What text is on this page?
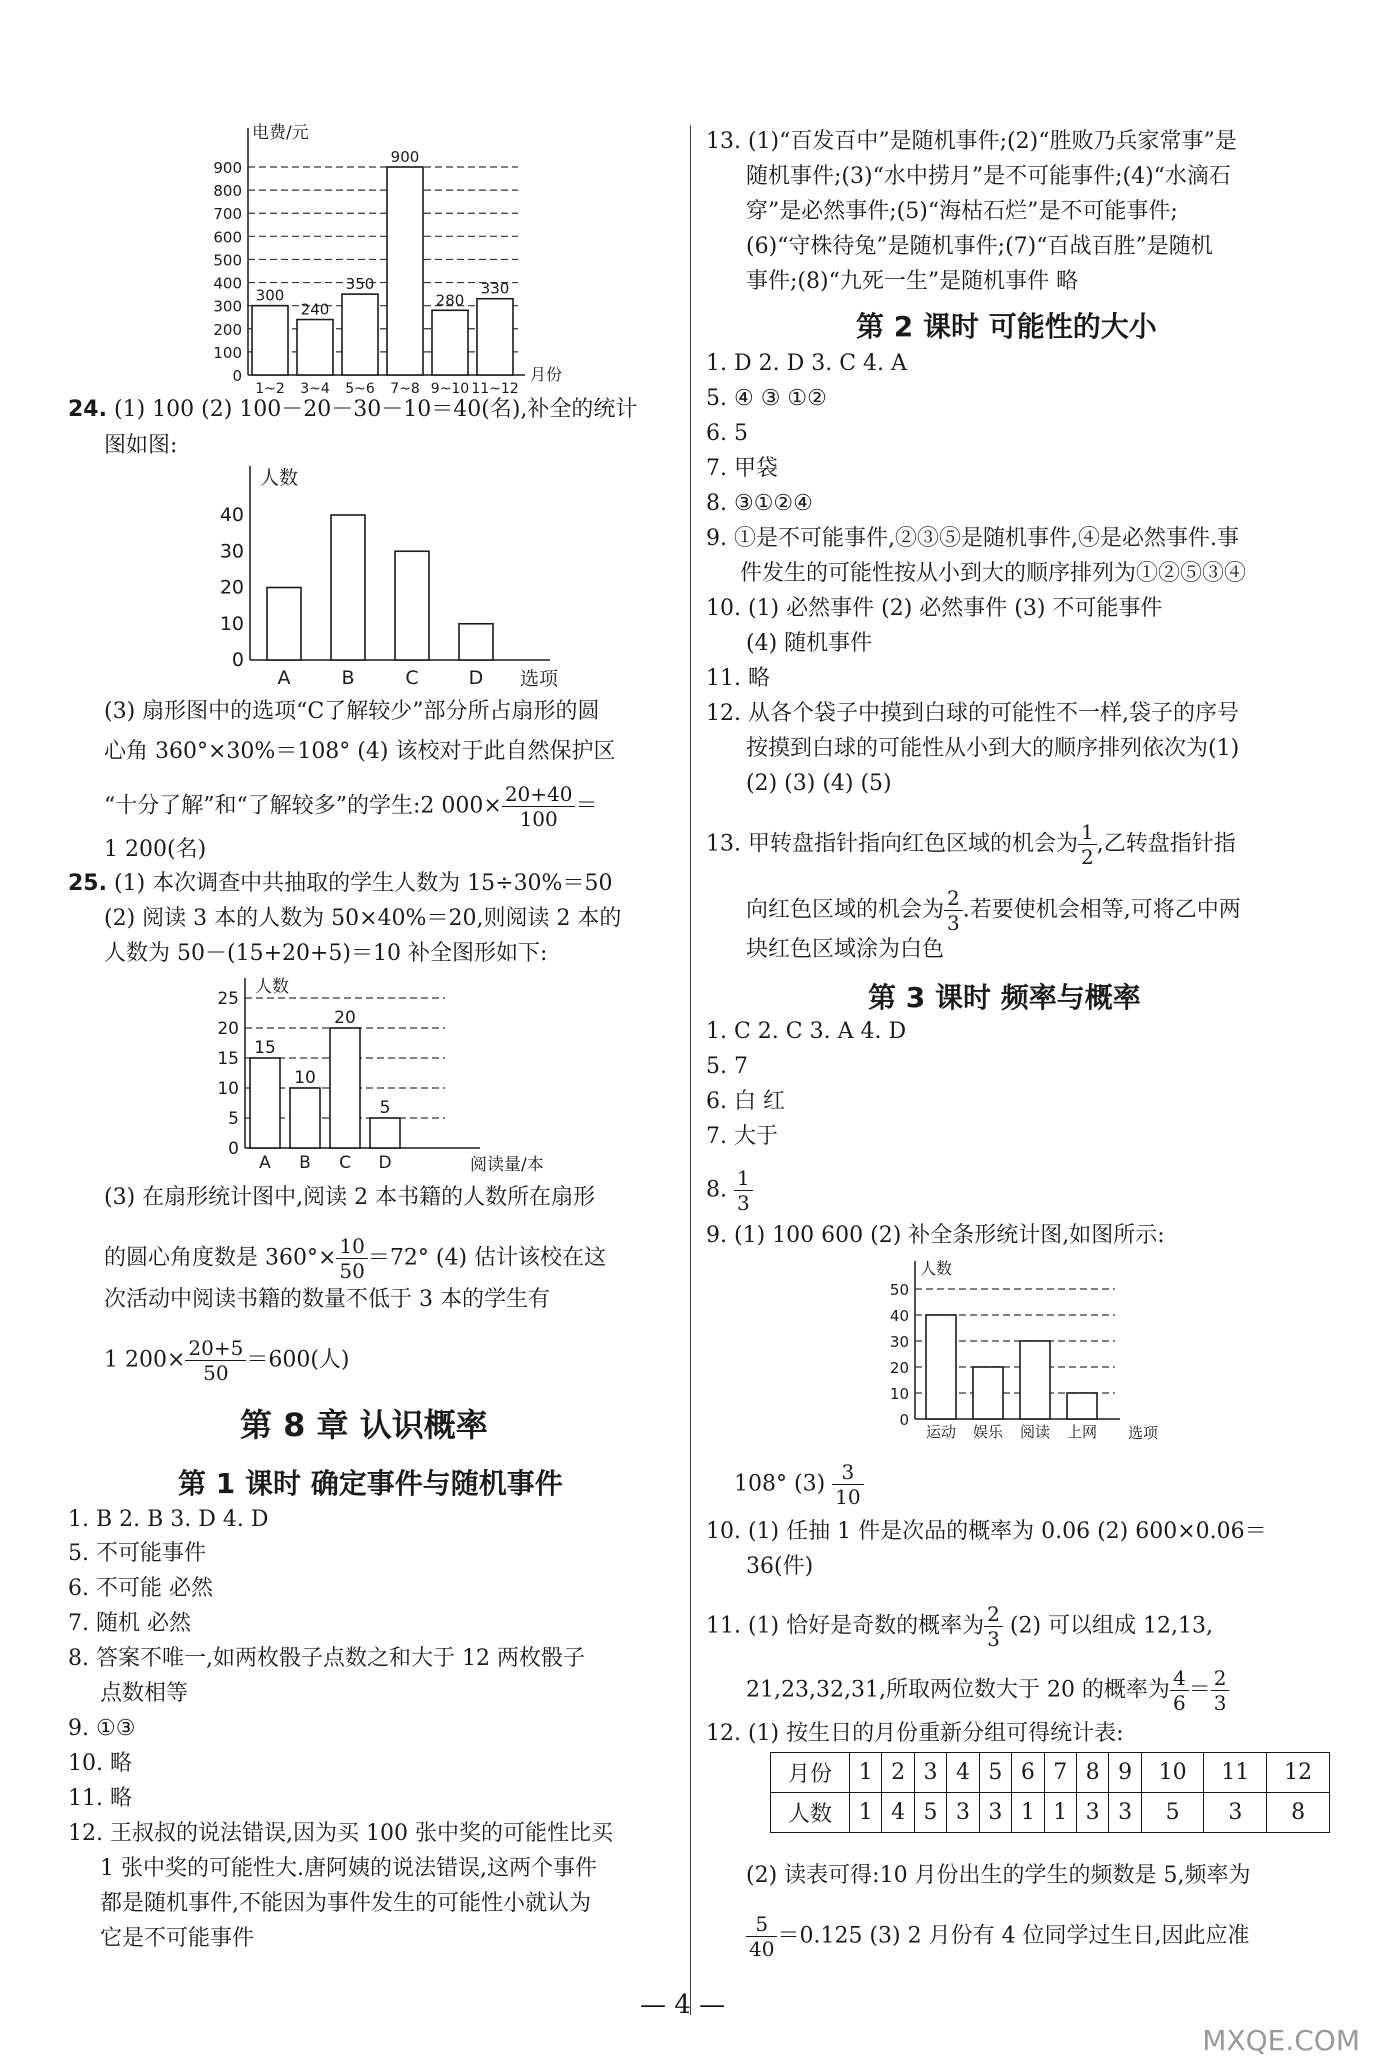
电费/元
月份
0
100
200
300
400
500
600
700
800
900
300
1~2
240
3~4
350
5~6
900
7~8
280
9~10
330
11~12
24. (1) 100 (2) 100－20－30－10＝40(名),补全的统计
图如图:
人数
选项
0
10
20
30
40
A	B	C	D
(3) 扇形图中的选项“C了解较少”部分所占扇形的圆
心角 360°×30%＝108° (4) 该校对于此自然保护区
“十分了解”和“了解较多”的学生:2 $000\times \frac{20+40}{100}$ ＝
1 200(名)
25. (1) 本次调查中共抽取的学生人数为 15÷30%＝50
(2) 阅读 3 本的人数为 50×40%＝20,则阅读 2 本的
人数为 50－(15+20+5)＝10 补全图形如下:
人数
阅读量/本
0
5
10
15
20
25
15
A
10
B
20
C
5
D
(3) 在扇形统计图中,阅读 2 本书籍的人数所在扇形
的圆心角度数是 $360^\circ\times \frac{10}{50} =72^\circ$ (4) 估计该校在这
次活动中阅读书籍的数量不低于 3 本的学生有
1 $200\times \frac{20+5}{50} =600$(人)
第 8 章 认识概率
第 1 课时 确定事件与随机事件
1. B 2. B 3. D 4. D
5. 不可能事件
6. 不可能 必然
7. 随机 必然
8. 答案不唯一,如两枚骰子点数之和大于 12 两枚骰子
点数相等
9. ①③
10. 略
11. 略
12. 王叔叔的说法错误,因为买 100 张中奖的可能性比买
1 张中奖的可能性大.唐阿姨的说法错误,这两个事件
都是随机事件,不能因为事件发生的可能性小就认为
它是不可能事件
13. (1)“百发百中”是随机事件;(2)“胜败乃兵家常事”是
随机事件;(3)“水中捞月”是不可能事件;(4)“水滴石
穿”是必然事件;(5)“海枯石烂”是不可能事件;
(6)“守株待兔”是随机事件;(7)“百战百胜”是随机
事件;(8)“九死一生”是随机事件 略
第 2 课时 可能性的大小
1. D 2. D 3. C 4. A
5. ④ ③ ①②
6. 5
7. 甲袋
8. ③①②④
9. ①是不可能事件,②③⑤是随机事件,④是必然事件.事
件发生的可能性按从小到大的顺序排列为①②⑤③④
10. (1) 必然事件 (2) 必然事件 (3) 不可能事件
(4) 随机事件
11. 略
12. 从各个袋子中摸到白球的可能性不一样,袋子的序号
按摸到白球的可能性从小到大的顺序排列依次为(1)
(2) (3) (4) (5)
13. 甲转盘指针指向红色区域的机会为 $\frac{1}{2}$ ,乙转盘指针指
向红色区域的机会为 $\frac{2}{3}$ .若要使机会相等,可将乙中两
块红色区域涂为白色
第 3 课时 频率与概率
1. C 2. C 3. A 4. D
5. 7
6. 白 红
7. 大于
8. $\frac{1}{3}$
9. (1) 100 600 (2) 补全条形统计图,如图所示:
人数
选项
0
10
20
30
40
50
运动 娱乐 阅读 上网
108° $(3) \frac{3}{10}$
10. (1) 任抽 1 件是次品的概率为 0.06 (2) 600×0.06＝
36(件)
11. (1) 恰好是奇数的概率为 $\frac{2}{3} (2)$ 可以组成 12,13,
21,23,32,31,所取两位数大于 20 的概率为 $\frac{4}{6} = \frac{2}{3}$
12. (1) 按生日的月份重新分组可得统计表:
月份	1	2	3	4	5	6	7	8	9	10	11	12
人数	1	4	5	3	3	1	1	3	3	5	3	8
(2) 读表可得:10 月份出生的学生的频数是 5,频率为
$\frac{5}{40} =0.125$ (3) 2 月份有 4 位同学过生日,因此应准
— 4 —
MXQE.COM
